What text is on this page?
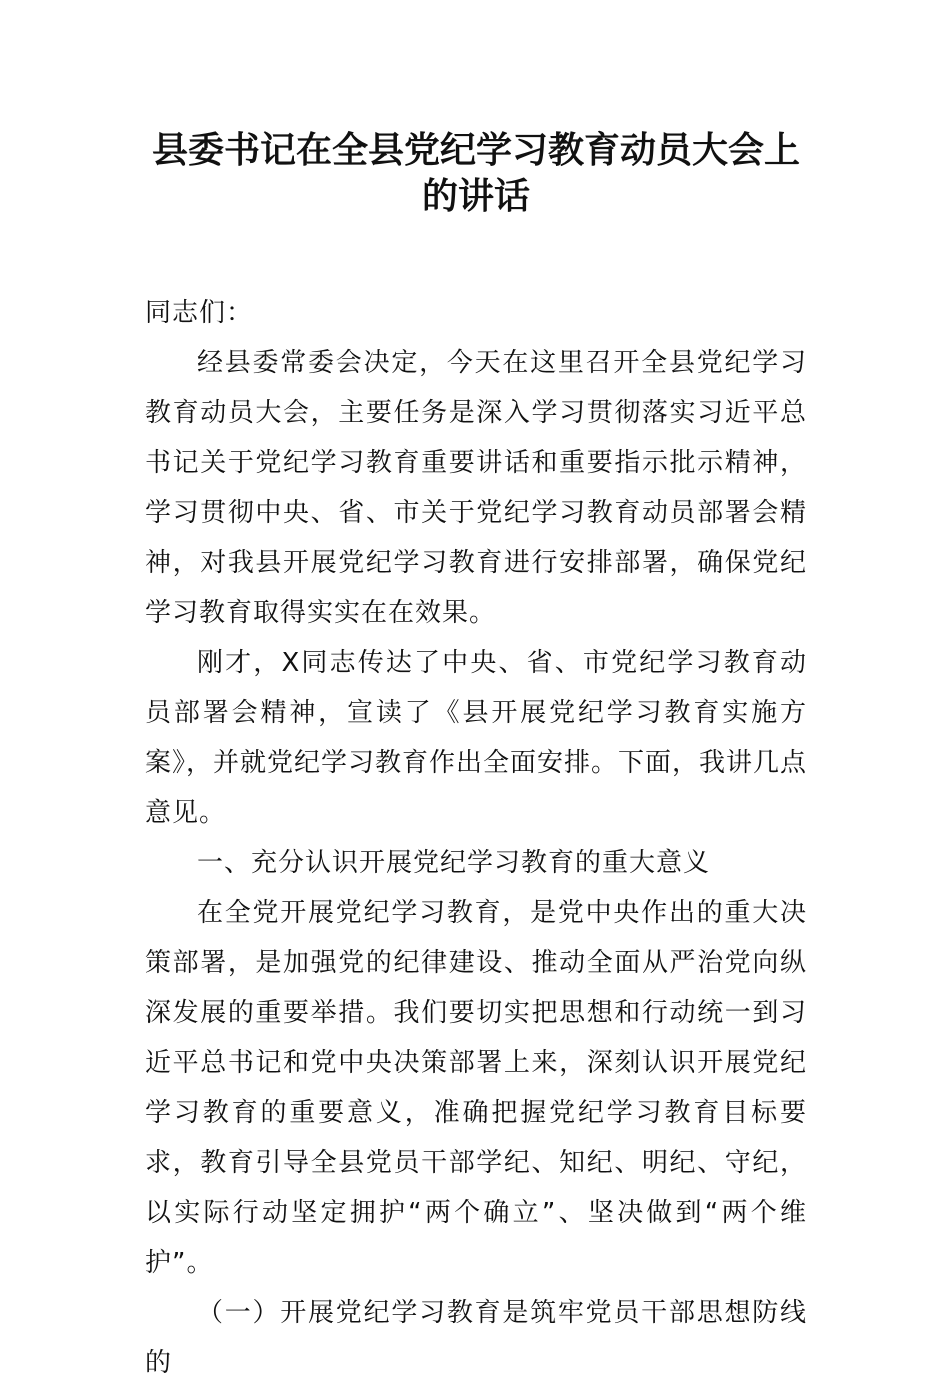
县委书记在全县党纪学习教育动员大会上的讲话

同志们：

经县委常委会决定，今天在这里召开全县党纪学习教育动员大会，主要任务是深入学习贯彻落实习近平总书记关于党纪学习教育重要讲话和重要指示批示精神，学习贯彻中央、省、市关于党纪学习教育动员部署会精神，对我县开展党纪学习教育进行安排部署，确保党纪学习教育取得实实在在效果。

刚才，X同志传达了中央、省、市党纪学习教育动员部署会精神，宣读了《县开展党纪学习教育实施方案》，并就党纪学习教育作出全面安排。下面，我讲几点意见。

一、充分认识开展党纪学习教育的重大意义

在全党开展党纪学习教育，是党中央作出的重大决策部署，是加强党的纪律建设、推动全面从严治党向纵深发展的重要举措。我们要切实把思想和行动统一到习近平总书记和党中央决策部署上来，深刻认识开展党纪学习教育的重要意义，准确把握党纪学习教育目标要求，教育引导全县党员干部学纪、知纪、明纪、守纪，以实际行动坚定拥护“两个确立”、坚决做到“两个维护”。

（一）开展党纪学习教育是筑牢党员干部思想防线的
